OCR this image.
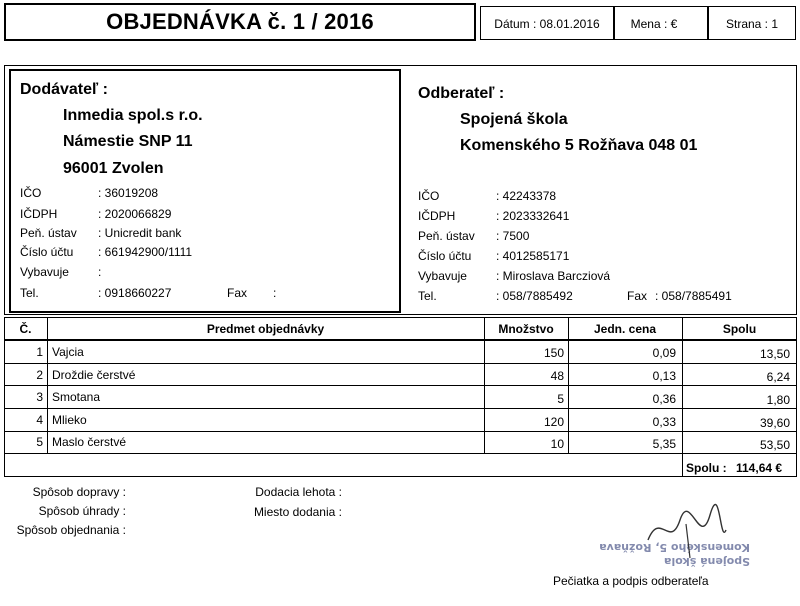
OBJEDNÁVKA č. 1 / 2016	Dátum : 08.01.2016	Mena : €	Strana : 1
Dodávateľ :
Inmedia spol.s r.o.
Námestie SNP 11
96001 Zvolen
IČO	: 36019208
IČDPH	: 2020066829
Peň. ústav : Unicredit bank
Číslo účtu : 661942900/1111
Vybavuje :
Tel.	: 0918660227	Fax :
Odberateľ :
Spojená škola
Komenského 5 Rožňava 048 01
IČO	: 42243378
IČDPH	: 2023332641
Peň. ústav : 7500
Číslo účtu : 4012585171
Vybavuje : Miroslava Barcziová
Tel.	: 058/7885492	Fax : 058/7885491
Č.	Predmet objednávky	Množstvo	Jedn. cena	Spolu
1 Vajcia	150	0,09	13,50
2 Droždie čerstvé	48	0,13	6,24
3 Smotana	5	0,36	1,80
4 Mlieko	120	0,33	39,60
5 Maslo čerstvé	10	5,35	53,50
Spolu : 114,64 €
Spôsob dopravy :
Spôsob úhrady :
Spôsob objednania :
Dodacia lehota :
Miesto dodania :
Spojená škola
Komenského 5, Rožňava
Pečiatka a podpis odberateľa
